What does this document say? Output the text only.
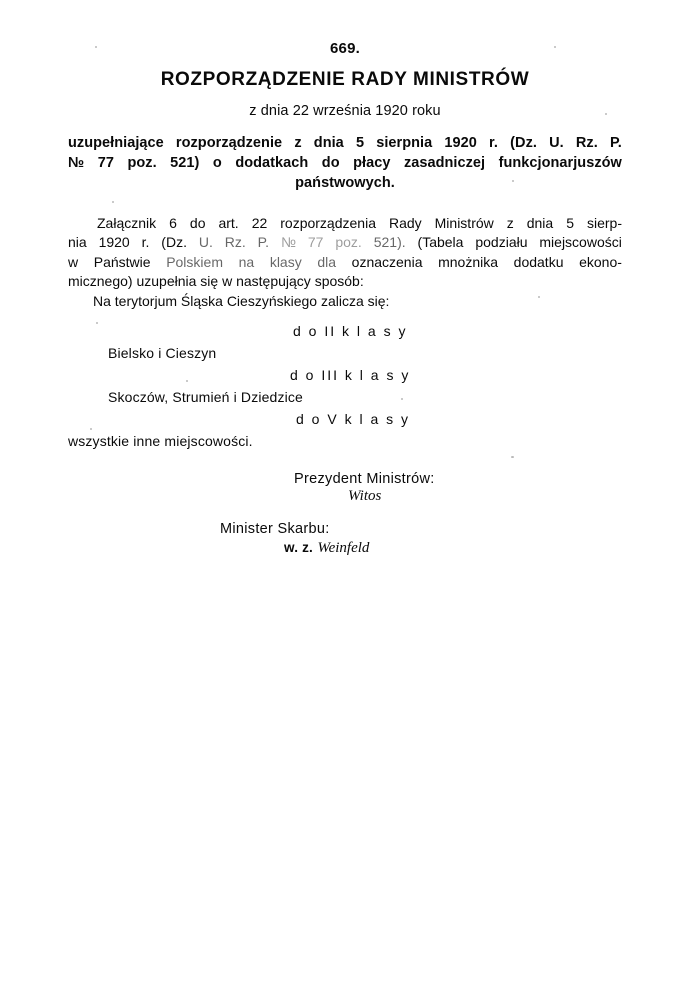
669.
ROZPORZĄDZENIE RADY MINISTRÓW
z dnia 22 września 1920 roku
uzupełniające rozporządzenie z dnia 5 sierpnia 1920 r. (Dz. U. Rz. P.
№ 77 poz. 521) o dodatkach do płacy zasadniczej funkcjonarjuszów
państwowych.
Załącznik 6 do art. 22 rozporządzenia Rady Ministrów z dnia 5 sierp-
nia 1920 r. (Dz. U. Rz. P. № 77 poz. 521). (Tabela podziału miejscowości
w Państwie Polskiem na klasy dla oznaczenia mnożnika dodatku ekono-
micznego) uzupełnia się w następujący sposób:
Na terytorjum Śląska Cieszyńskiego zalicza się:
d o II k l a s y
Bielsko i Cieszyn
d o III k l a s y
Skoczów, Strumień i Dziedzice
d o V k l a s y
wszystkie inne miejscowości.
Prezydent Ministrów:
Witos
Minister Skarbu:
w. z. Weinfeld
